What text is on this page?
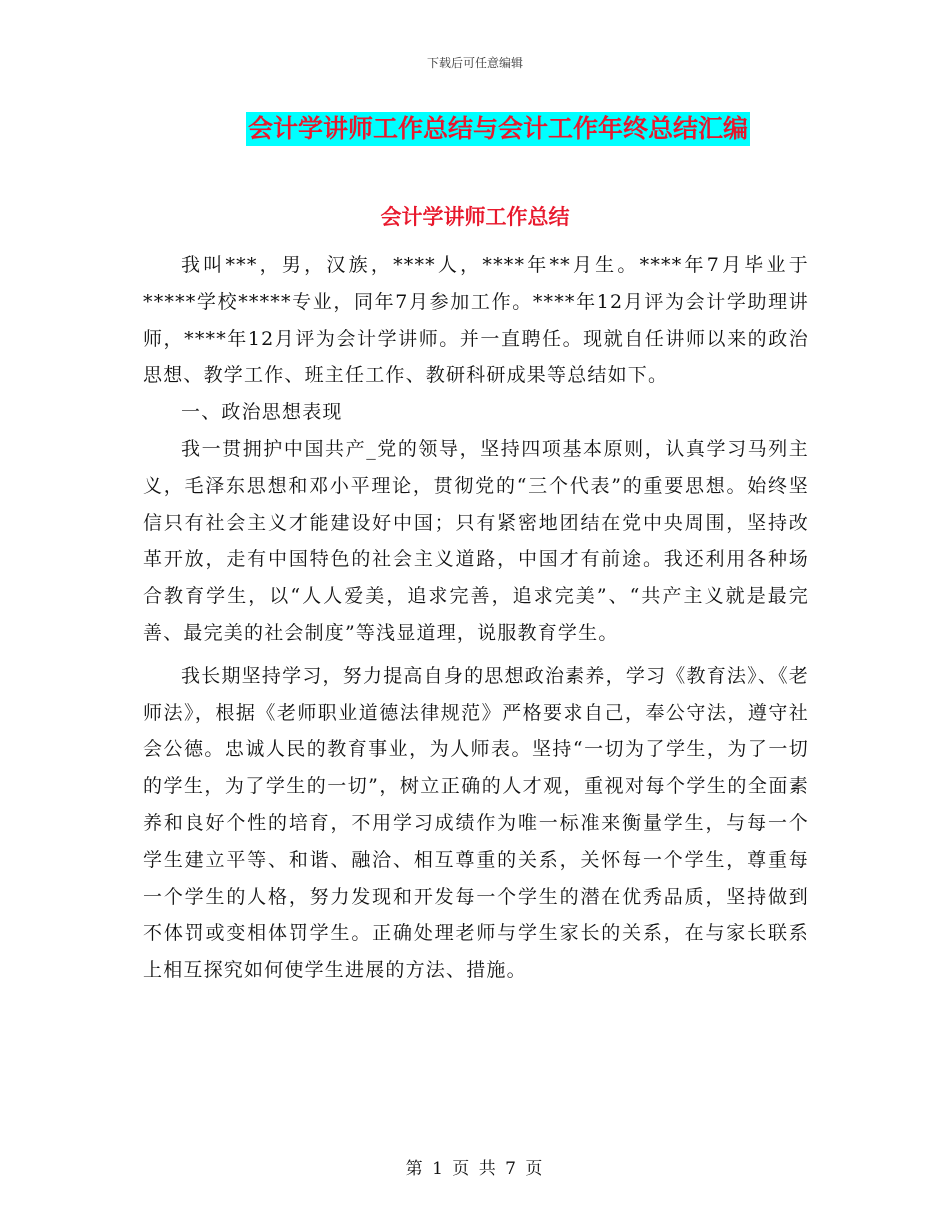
下载后可任意编辑
会计学讲师工作总结与会计工作年终总结汇编
会计学讲师工作总结

我叫***，男，汉族，****人，****年**月生。****年7月毕业于*****学校*****专业，同年7月参加工作。****年12月评为会计学助理讲师，****年12月评为会计学讲师。并一直聘任。现就自任讲师以来的政治思想、教学工作、班主任工作、教研科研成果等总结如下。

一、政治思想表现

我一贯拥护中国共产_党的领导，坚持四项基本原则，认真学习马列主义，毛泽东思想和邓小平理论，贯彻党的“三个代表”的重要思想。始终坚信只有社会主义才能建设好中国；只有紧密地团结在党中央周围，坚持改革开放，走有中国特色的社会主义道路，中国才有前途。我还利用各种场合教育学生，以“人人爱美，追求完善，追求完美”、“共产主义就是最完善、最完美的社会制度”等浅显道理，说服教育学生。

我长期坚持学习，努力提高自身的思想政治素养，学习《教育法》、《老师法》，根据《老师职业道德法律规范》严格要求自己，奉公守法，遵守社会公德。忠诚人民的教育事业，为人师表。坚持“一切为了学生，为了一切的学生，为了学生的一切”，树立正确的人才观，重视对每个学生的全面素养和良好个性的培育，不用学习成绩作为唯一标准来衡量学生，与每一个学生建立平等、和谐、融洽、相互尊重的关系，关怀每一个学生，尊重每一个学生的人格，努力发现和开发每一个学生的潜在优秀品质，坚持做到不体罚或变相体罚学生。正确处理老师与学生家长的关系，在与家长联系上相互探究如何使学生进展的方法、措施。

第 1 页 共 7 页
